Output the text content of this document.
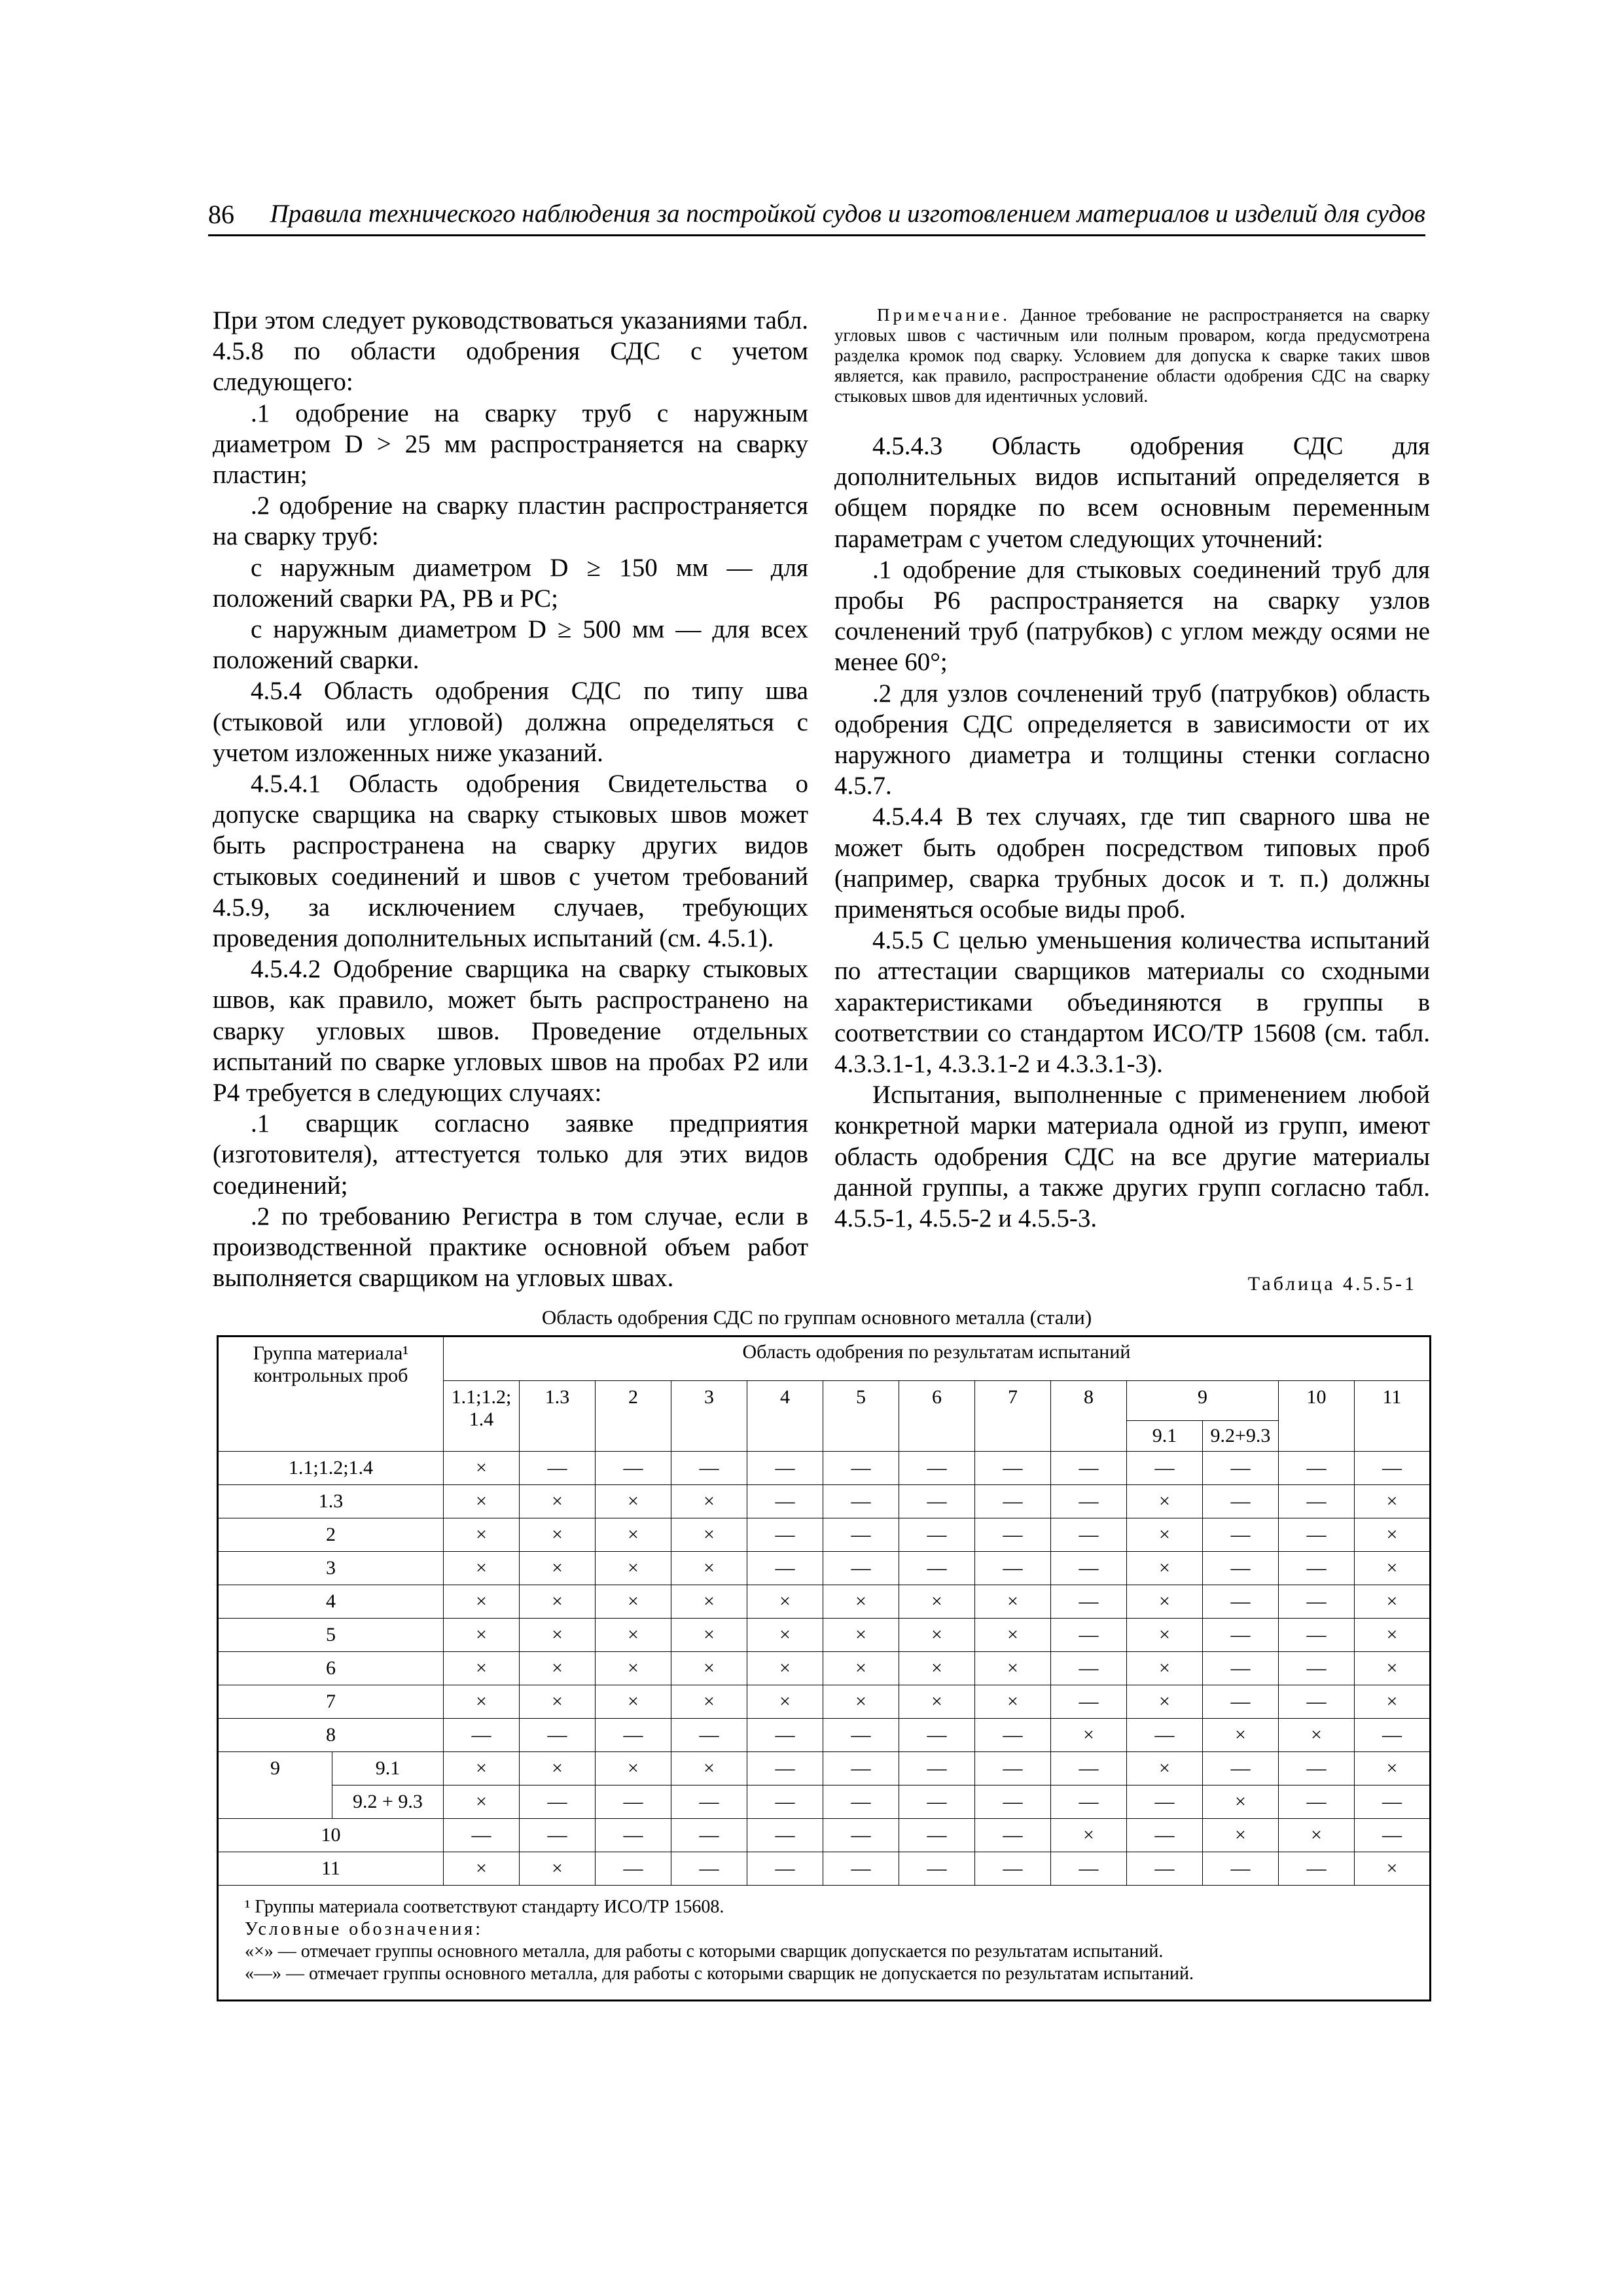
86 Правила технического наблюдения за постройкой судов и изготовлением материалов и изделий для судов

При этом следует руководствоваться указаниями табл. 4.5.8 по области одобрения СДС с учетом следующего:

.1 одобрение на сварку труб с наружным диаметром D > 25 мм распространяется на сварку пластин;

.2 одобрение на сварку пластин распространяется на сварку труб:

с наружным диаметром D ≥ 150 мм — для положений сварки PA, PB и PC;

с наружным диаметром D ≥ 500 мм — для всех положений сварки.

4.5.4 Область одобрения СДС по типу шва (стыковой или угловой) должна определяться с учетом изложенных ниже указаний.

4.5.4.1 Область одобрения Свидетельства о допуске сварщика на сварку стыковых швов может быть распространена на сварку других видов стыковых соединений и швов с учетом требований 4.5.9, за исключением случаев, требующих проведения дополнительных испытаний (см. 4.5.1).

4.5.4.2 Одобрение сварщика на сварку стыковых швов, как правило, может быть распространено на сварку угловых швов. Проведение отдельных испытаний по сварке угловых швов на пробах P2 или P4 требуется в следующих случаях:

.1 сварщик согласно заявке предприятия (изготовителя), аттестуется только для этих видов соединений;

.2 по требованию Регистра в том случае, если в производственной практике основной объем работ выполняется сварщиком на угловых швах.

Примечание. Данное требование не распространяется на сварку угловых швов с частичным или полным проваром, когда предусмотрена разделка кромок под сварку. Условием для допуска к сварке таких швов является, как правило, распространение области одобрения СДС на сварку стыковых швов для идентичных условий.

4.5.4.3 Область одобрения СДС для дополнительных видов испытаний определяется в общем порядке по всем основным переменным параметрам с учетом следующих уточнений:

.1 одобрение для стыковых соединений труб для пробы P6 распространяется на сварку узлов сочленений труб (патрубков) с углом между осями не менее 60°;

.2 для узлов сочленений труб (патрубков) область одобрения СДС определяется в зависимости от их наружного диаметра и толщины стенки согласно 4.5.7.

4.5.4.4 В тех случаях, где тип сварного шва не может быть одобрен посредством типовых проб (например, сварка трубных досок и т. п.) должны применяться особые виды проб.

4.5.5 С целью уменьшения количества испытаний по аттестации сварщиков материалы со сходными характеристиками объединяются в группы в соответствии со стандартом ИСО/ТР 15608 (см. табл. 4.3.3.1-1, 4.3.3.1-2 и 4.3.3.1-3).

Испытания, выполненные с применением любой конкретной марки материала одной из групп, имеют область одобрения СДС на все другие материалы данной группы, а также других групп согласно табл. 4.5.5-1, 4.5.5-2 и 4.5.5-3.

Таблица 4.5.5-1
Область одобрения СДС по группам основного металла (стали)
Группа материала¹ контрольных проб		Область одобрения по результатам испытаний												
		1.1;1.2; 1.4	1.3	2	3	4	5	6	7	8	9		10	11
											9.1	9.2+9.3		
1.1;1.2;1.4		×	—	—	—	—	—	—	—	—	—	—	—	—
1.3		×	×	×	×	—	—	—	—	—	×	—	—	×
2		×	×	×	×	—	—	—	—	—	×	—	—	×
3		×	×	×	×	—	—	—	—	—	×	—	—	×
4		×	×	×	×	×	×	×	×	—	×	—	—	×
5		×	×	×	×	×	×	×	×	—	×	—	—	×
6		×	×	×	×	×	×	×	×	—	×	—	—	×
7		×	×	×	×	×	×	×	×	—	×	—	—	×
8		—	—	—	—	—	—	—	—	×	—	×	×	—
9	9.1	×	×	×	×	—	—	—	—	—	×	—	—	×
	9.2 + 9.3	×	—	—	—	—	—	—	—	—	—	×	—	—
10		—	—	—	—	—	—	—	—	×	—	×	×	—
11		×	×	—	—	—	—	—	—	—	—	—	—	×

¹ Группы материала соответствуют стандарту ИСО/ТР 15608.
Условные обозначения:
«×» — отмечает группы основного металла, для работы с которыми сварщик допускается по результатам испытаний.
«—» — отмечает группы основного металла, для работы с которыми сварщик не допускается по результатам испытаний.														
